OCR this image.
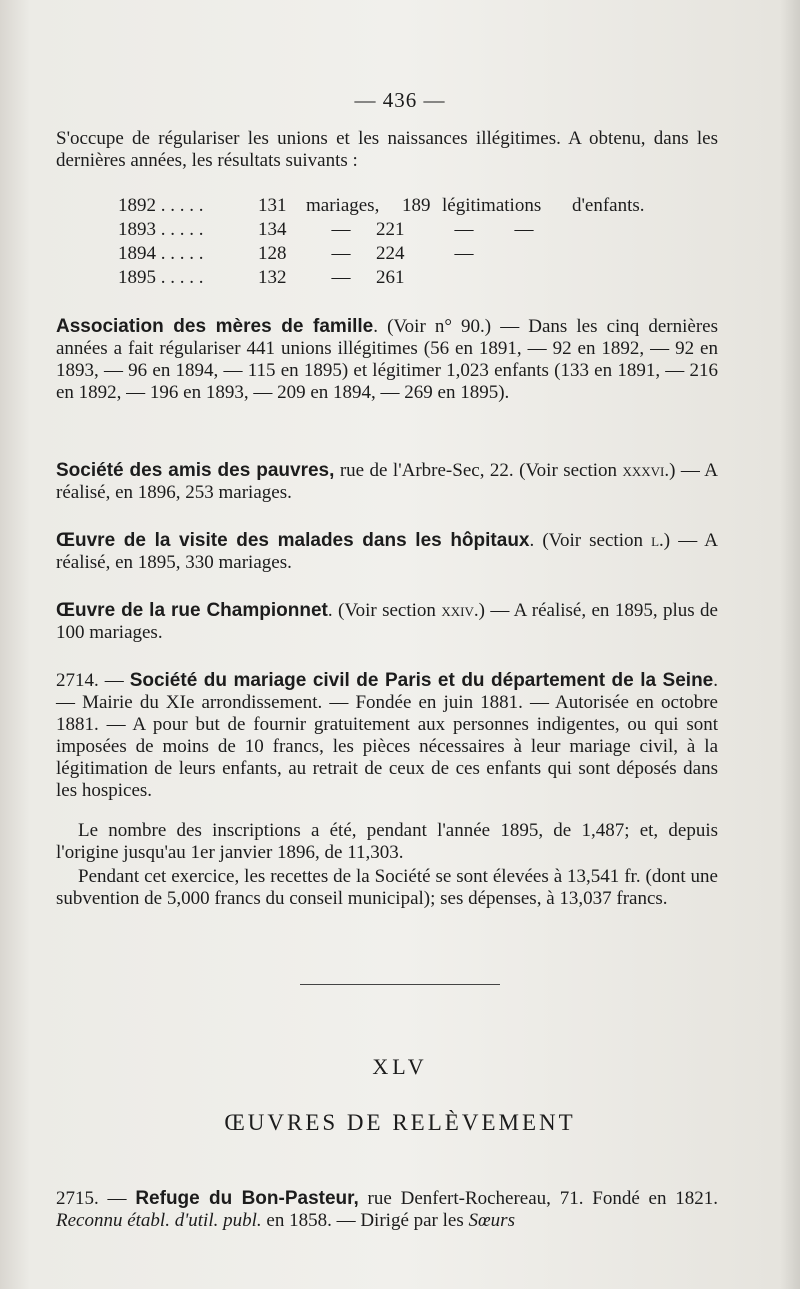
— 436 —
S'occupe de régulariser les unions et les naissances illégitimes. A obtenu, dans les dernières années, les résultats suivants :
1892 . . . . .	131	mariages,	189 légitimations	d'enfants.
1893 . . . . .	134	—	221	—	—
1894 . . . . .	128	—	224	—
1895 . . . . .	132	—	261
Association des mères de famille. (Voir n° 90.) — Dans les cinq dernières années a fait régulariser 441 unions illégitimes (56 en 1891, — 92 en 1892, — 92 en 1893, — 96 en 1894, — 115 en 1895) et légitimer 1,023 enfants (133 en 1891, — 216 en 1892, — 196 en 1893, — 209 en 1894, — 269 en 1895).
Société des amis des pauvres, rue de l'Arbre-Sec, 22. (Voir section xxxvi.) — A réalisé, en 1896, 253 mariages.
Œuvre de la visite des malades dans les hôpitaux. (Voir section l.) — A réalisé, en 1895, 330 mariages.
Œuvre de la rue Championnet. (Voir section xxiv.) — A réalisé, en 1895, plus de 100 mariages.
2714. — Société du mariage civil de Paris et du département de la Seine. — Mairie du XIe arrondissement. — Fondée en juin 1881. — Autorisée en octobre 1881. — A pour but de fournir gratuitement aux personnes indigentes, ou qui sont imposées de moins de 10 francs, les pièces nécessaires à leur mariage civil, à la légitimation de leurs enfants, au retrait de ceux de ces enfants qui sont déposés dans les hospices.
Le nombre des inscriptions a été, pendant l'année 1895, de 1,487; et, depuis l'origine jusqu'au 1er janvier 1896, de 11,303.
Pendant cet exercice, les recettes de la Société se sont élevées à 13,541 fr. (dont une subvention de 5,000 francs du conseil municipal); ses dépenses, à 13,037 francs.
XLV
ŒUVRES DE RELÈVEMENT
2715. — Refuge du Bon-Pasteur, rue Denfert-Rochereau, 71. Fondé en 1821. Reconnu établ. d'util. publ. en 1858. — Dirigé par les Sœurs
